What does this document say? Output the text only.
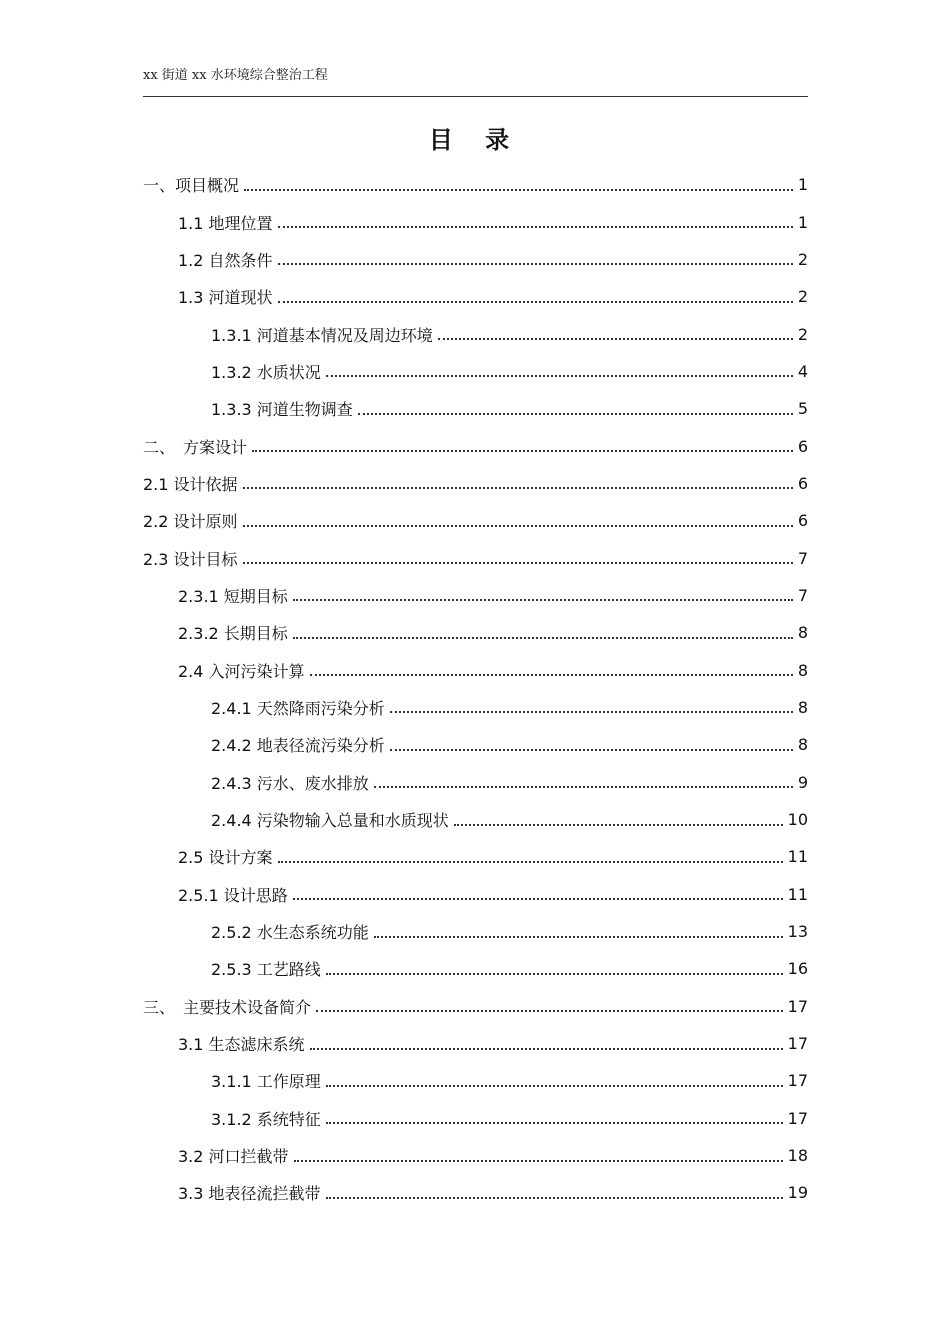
xx 街道 xx 水环境综合整治工程
目 录
一、项目概况	1
1.1 地理位置	1
1.2 自然条件	2
1.3 河道现状	2
1.3.1 河道基本情况及周边环境	2
1.3.2 水质状况	4
1.3.3 河道生物调查	5
二、　方案设计	6
2.1 设计依据	6
2.2 设计原则	6
2.3 设计目标	7
2.3.1 短期目标	7
2.3.2 长期目标	8
2.4 入河污染计算	8
2.4.1 天然降雨污染分析	8
2.4.2 地表径流污染分析	8
2.4.3 污水、废水排放	9
2.4.4 污染物输入总量和水质现状	10
2.5 设计方案	11
2.5.1 设计思路	11
2.5.2 水生态系统功能	13
2.5.3 工艺路线	16
三、　主要技术设备简介	17
3.1 生态滤床系统	17
3.1.1 工作原理	17
3.1.2 系统特征	17
3.2 河口拦截带	18
3.3 地表径流拦截带	19
